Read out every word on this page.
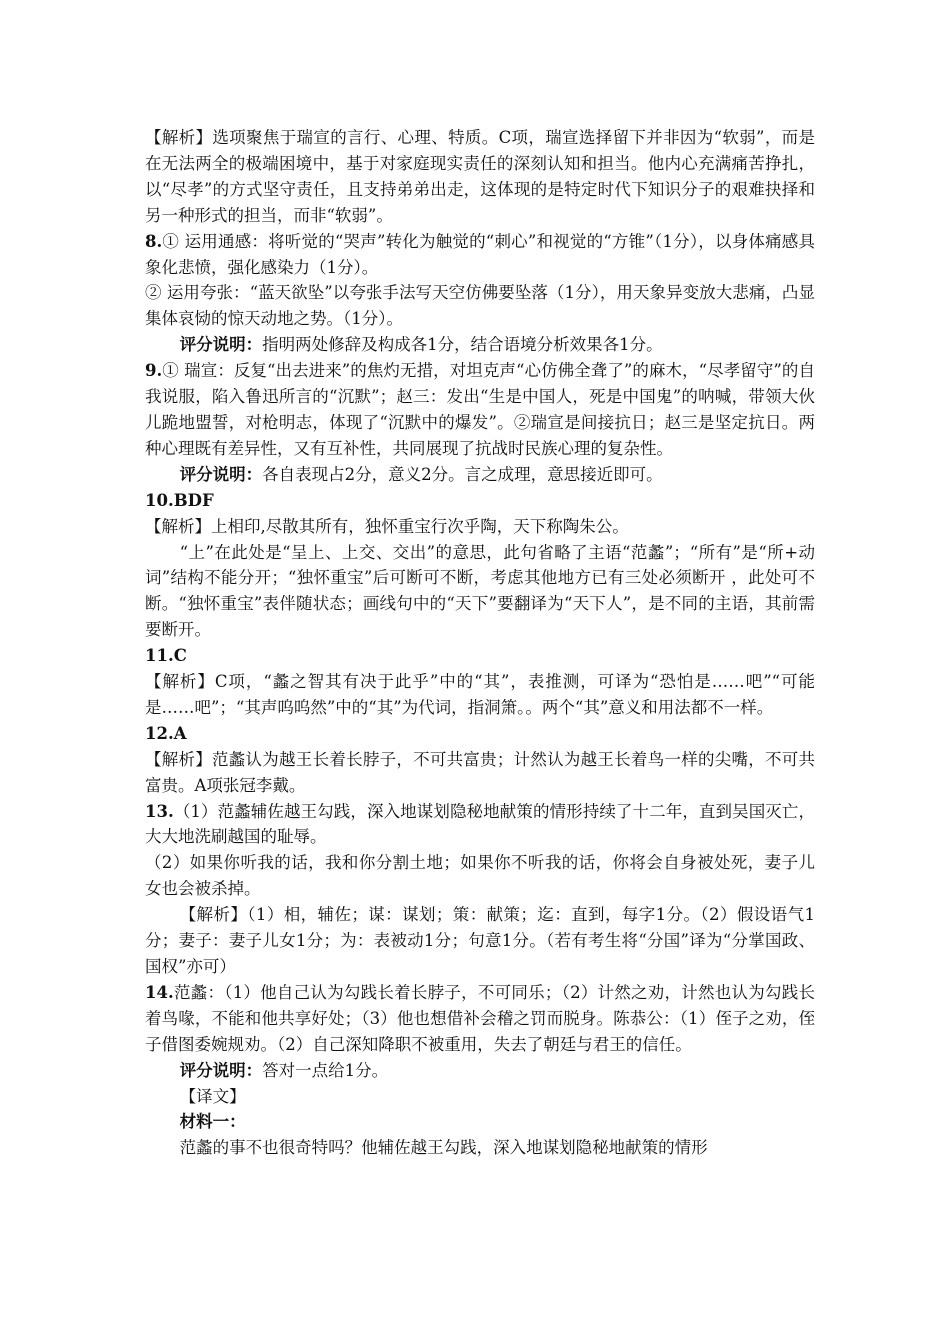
【解析】选项聚焦于瑞宣的言行、心理、特质。C项，瑞宣选择留下并非因为“软弱”，而是在无法两全的极端困境中，基于对家庭现实责任的深刻认知和担当。他内心充满痛苦挣扎，以“尽孝”的方式坚守责任，且支持弟弟出走，这体现的是特定时代下知识分子的艰难抉择和另一种形式的担当，而非“软弱”。

8.① 运用通感：将听觉的“哭声”转化为触觉的“刺心”和视觉的“方锥”（1分），以身体痛感具象化悲愤，强化感染力（1分）。

② 运用夸张：“蓝天欲坠”以夸张手法写天空仿佛要坠落（1分），用天象异变放大悲痛，凸显集体哀恸的惊天动地之势。（1分）。

评分说明：指明两处修辞及构成各1分，结合语境分析效果各1分。

9.① 瑞宣：反复“出去进来”的焦灼无措，对坦克声“心仿佛全聋了”的麻木，“尽孝留守”的自我说服，陷入鲁迅所言的“沉默”；赵三：发出“生是中国人，死是中国鬼”的呐喊，带领大伙儿跪地盟誓，对枪明志，体现了“沉默中的爆发”。②瑞宣是间接抗日；赵三是坚定抗日。两种心理既有差异性，又有互补性，共同展现了抗战时民族心理的复杂性。

评分说明：各自表现占2分，意义2分。言之成理，意思接近即可。

10.BDF

【解析】上相印,尽散其所有，独怀重宝行次乎陶，天下称陶朱公。

“上”在此处是“呈上、上交、交出”的意思，此句省略了主语“范蠡”；“所有”是“所+动词”结构不能分开；“独怀重宝”后可断可不断，考虑其他地方已有三处必须断开 ，此处可不断。“独怀重宝”表伴随状态；画线句中的“天下”要翻译为“天下人”，是不同的主语，其前需要断开。

11.C

【解析】C项，“蠡之智其有决于此乎”中的“其”，表推测，可译为“恐怕是……吧”“可能是……吧”；“其声呜呜然”中的“其”为代词，指洞箫。。两个“其”意义和用法都不一样。

12.A

【解析】范蠡认为越王长着长脖子，不可共富贵；计然认为越王长着鸟一样的尖嘴，不可共富贵。A项张冠李戴。

13.（1）范蠡辅佐越王勾践，深入地谋划隐秘地献策的情形持续了十二年，直到吴国灭亡，大大地洗刷越国的耻辱。

（2）如果你听我的话，我和你分割土地；如果你不听我的话，你将会自身被处死，妻子儿女也会被杀掉。

【解析】（1）相，辅佐；谋：谋划；策：献策；迄：直到，每字1分。（2）假设语气1分；妻子：妻子儿女1分；为：表被动1分；句意1分。（若有考生将“分国”译为“分掌国政、国权”亦可）

14.范蠡：（1）他自己认为勾践长着长脖子，不可同乐；（2）计然之劝，计然也认为勾践长着鸟喙，不能和他共享好处；（3）他也想借补会稽之罚而脱身。陈恭公：（1）侄子之劝，侄子借图委婉规劝。（2）自己深知降职不被重用，失去了朝廷与君王的信任。

评分说明：答对一点给1分。

【译文】

材料一：

范蠡的事不也很奇特吗？他辅佐越王勾践，深入地谋划隐秘地献策的情形
